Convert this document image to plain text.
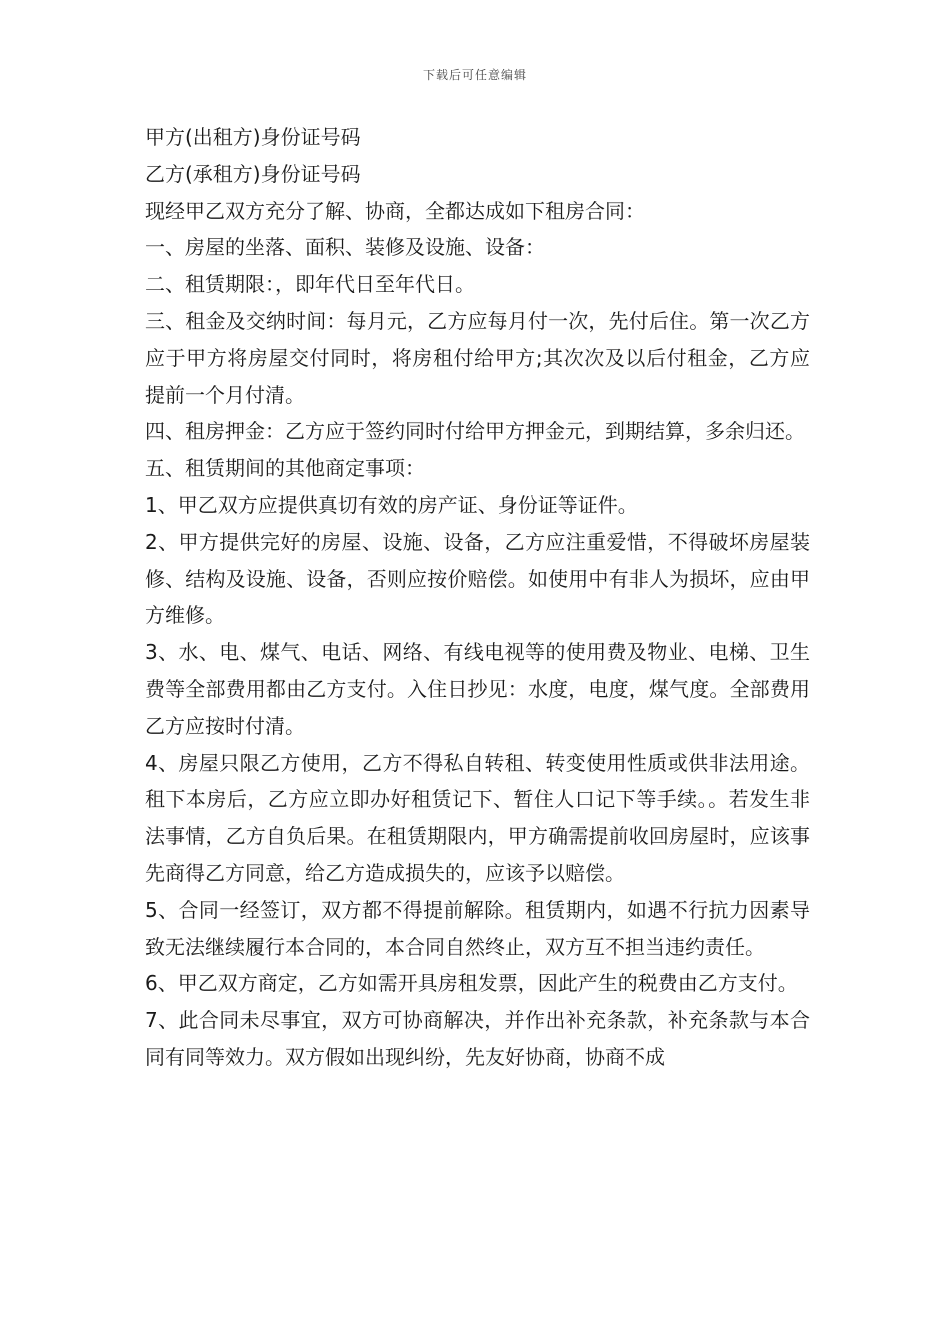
下载后可任意编辑

甲方(出租方)身份证号码

乙方(承租方)身份证号码

现经甲乙双方充分了解、协商，全都达成如下租房合同：

一、房屋的坐落、面积、装修及设施、设备：

二、租赁期限：，即年代日至年代日。

三、租金及交纳时间：每月元，乙方应每月付一次，先付后住。第一次乙方应于甲方将房屋交付同时，将房租付给甲方;其次次及以后付租金，乙方应提前一个月付清。

四、租房押金：乙方应于签约同时付给甲方押金元，到期结算，多余归还。

五、租赁期间的其他商定事项：

1、甲乙双方应提供真切有效的房产证、身份证等证件。

2、甲方提供完好的房屋、设施、设备，乙方应注重爱惜，不得破坏房屋装修、结构及设施、设备，否则应按价赔偿。如使用中有非人为损坏，应由甲方维修。

3、水、电、煤气、电话、网络、有线电视等的使用费及物业、电梯、卫生费等全部费用都由乙方支付。入住日抄见：水度，电度，煤气度。全部费用乙方应按时付清。

4、房屋只限乙方使用，乙方不得私自转租、转变使用性质或供非法用途。租下本房后，乙方应立即办好租赁记下、暂住人口记下等手续。。若发生非法事情，乙方自负后果。在租赁期限内，甲方确需提前收回房屋时，应该事先商得乙方同意，给乙方造成损失的，应该予以赔偿。

5、合同一经签订，双方都不得提前解除。租赁期内，如遇不行抗力因素导致无法继续履行本合同的，本合同自然终止，双方互不担当违约责任。

6、甲乙双方商定，乙方如需开具房租发票，因此产生的税费由乙方支付。

7、此合同未尽事宜，双方可协商解决，并作出补充条款，补充条款与本合同有同等效力。双方假如出现纠纷，先友好协商，协商不成
